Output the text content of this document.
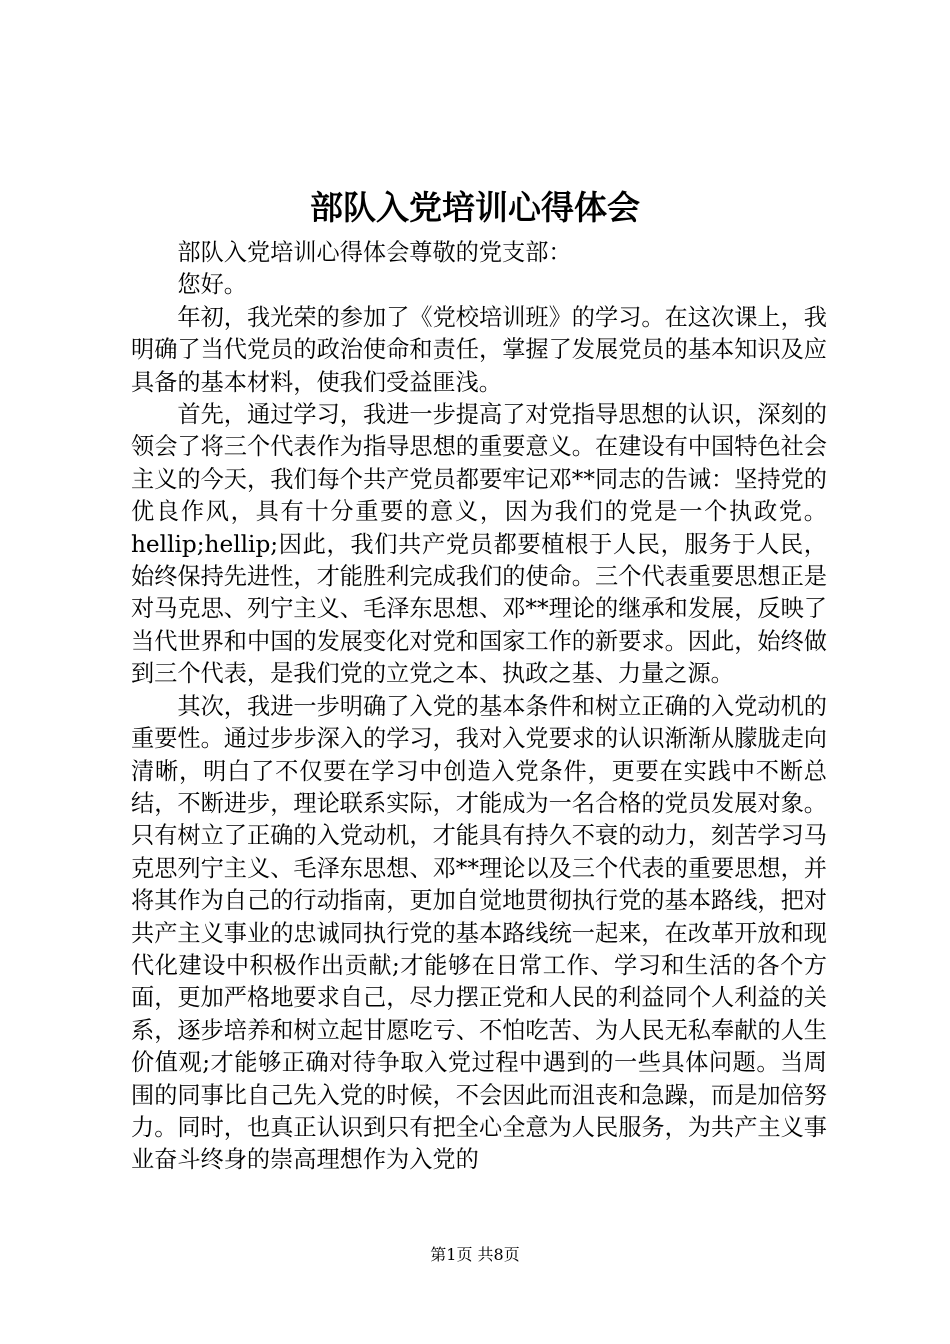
部队入党培训心得体会

部队入党培训心得体会尊敬的党支部：

您好。

年初，我光荣的参加了《党校培训班》的学习。在这次课上，我明确了当代党员的政治使命和责任，掌握了发展党员的基本知识及应具备的基本材料，使我们受益匪浅。

首先，通过学习，我进一步提高了对党指导思想的认识，深刻的领会了将三个代表作为指导思想的重要意义。在建设有中国特色社会主义的今天，我们每个共产党员都要牢记邓**同志的告诫：坚持党的优良作风，具有十分重要的意义，因为我们的党是一个执政党。hellip;hellip;因此，我们共产党员都要植根于人民，服务于人民，始终保持先进性，才能胜利完成我们的使命。三个代表重要思想正是对马克思、列宁主义、毛泽东思想、邓**理论的继承和发展，反映了当代世界和中国的发展变化对党和国家工作的新要求。因此，始终做到三个代表，是我们党的立党之本、执政之基、力量之源。

其次，我进一步明确了入党的基本条件和树立正确的入党动机的重要性。通过步步深入的学习，我对入党要求的认识渐渐从朦胧走向清晰，明白了不仅要在学习中创造入党条件，更要在实践中不断总结，不断进步，理论联系实际，才能成为一名合格的党员发展对象。只有树立了正确的入党动机，才能具有持久不衰的动力，刻苦学习马克思列宁主义、毛泽东思想、邓**理论以及三个代表的重要思想，并将其作为自己的行动指南，更加自觉地贯彻执行党的基本路线，把对共产主义事业的忠诚同执行党的基本路线统一起来，在改革开放和现代化建设中积极作出贡献;才能够在日常工作、学习和生活的各个方面，更加严格地要求自己，尽力摆正党和人民的利益同个人利益的关系，逐步培养和树立起甘愿吃亏、不怕吃苦、为人民无私奉献的人生价值观;才能够正确对待争取入党过程中遇到的一些具体问题。当周围的同事比自己先入党的时候，不会因此而沮丧和急躁，而是加倍努力。同时，也真正认识到只有把全心全意为人民服务，为共产主义事业奋斗终身的崇高理想作为入党的

第1页 共8页
